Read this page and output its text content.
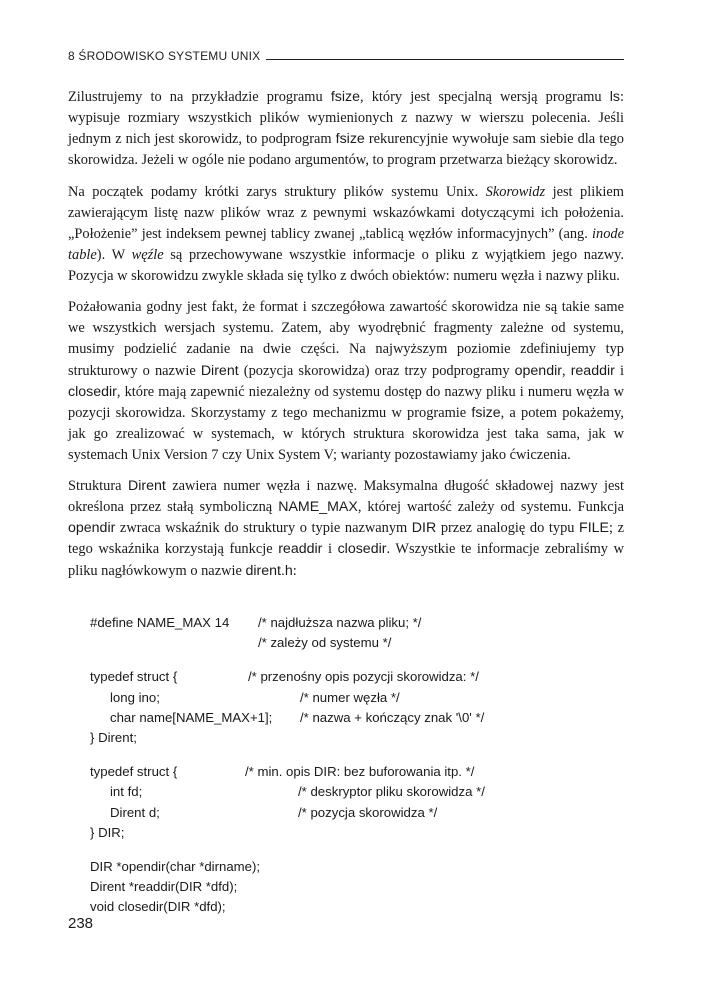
8 ŚRODOWISKO SYSTEMU UNIX

Zilustrujemy to na przykładzie programu fsize, który jest specjalną wersją programu ls: wypisuje rozmiary wszystkich plików wymienionych z nazwy w wierszu polecenia. Jeśli jednym z nich jest skorowidz, to podprogram fsize rekurencyjnie wywołuje sam siebie dla tego skorowidza. Jeżeli w ogóle nie podano argumentów, to program przetwarza bieżący skorowidz.

Na początek podamy krótki zarys struktury plików systemu Unix. Skorowidz jest plikiem zawierającym listę nazw plików wraz z pewnymi wskazówkami dotyczącymi ich położenia. „Położenie” jest indeksem pewnej tablicy zwanej „tablicą węzłów informacyjnych” (ang. inode table). W węźle są przechowywane wszystkie informacje o pliku z wyjątkiem jego nazwy. Pozycja w skorowidzu zwykle składa się tylko z dwóch obiektów: numeru węzła i nazwy pliku.

Pożałowania godny jest fakt, że format i szczegółowa zawartość skorowidza nie są takie same we wszystkich wersjach systemu. Zatem, aby wyodrębnić fragmenty zależne od systemu, musimy podzielić zadanie na dwie części. Na najwyższym poziomie zdefiniujemy typ strukturowy o nazwie Dirent (pozycja skorowidza) oraz trzy podprogramy opendir, readdir i closedir, które mają zapewnić niezależny od systemu dostęp do nazwy pliku i numeru węzła w pozycji skorowidza. Skorzystamy z tego mechanizmu w programie fsize, a potem pokażemy, jak go zrealizować w systemach, w których struktura skorowidza jest taka sama, jak w systemach Unix Version 7 czy Unix System V; warianty pozostawiamy jako ćwiczenia.

Struktura Dirent zawiera numer węzła i nazwę. Maksymalna długość składowej nazwy jest określona przez stałą symboliczną NAME_MAX, której wartość zależy od systemu. Funkcja opendir zwraca wskaźnik do struktury o typie nazwanym DIR przez analogię do typu FILE; z tego wskaźnika korzystają funkcje readdir i closedir. Wszystkie te informacje zebraliśmy w pliku nagłówkowym o nazwie dirent.h:

#define NAME_MAX 14

/* najdłuższa nazwa pliku; */

/* zależy od systemu */

typedef struct {

	/* przenośny opis pozycji skorowidza: */

long ino;

	/* numer węzła */

char name[NAME_MAX+1];

/* nazwa + kończący znak '\0' */

} Dirent;

typedef struct {

	/* min. opis DIR: bez buforowania itp. */

int fd;

	/* deskryptor pliku skorowidza */

Dirent d;

	/* pozycja skorowidza */

} DIR;

DIR *opendir(char *dirname);

Dirent *readdir(DIR *dfd);

void closedir(DIR *dfd);

238
